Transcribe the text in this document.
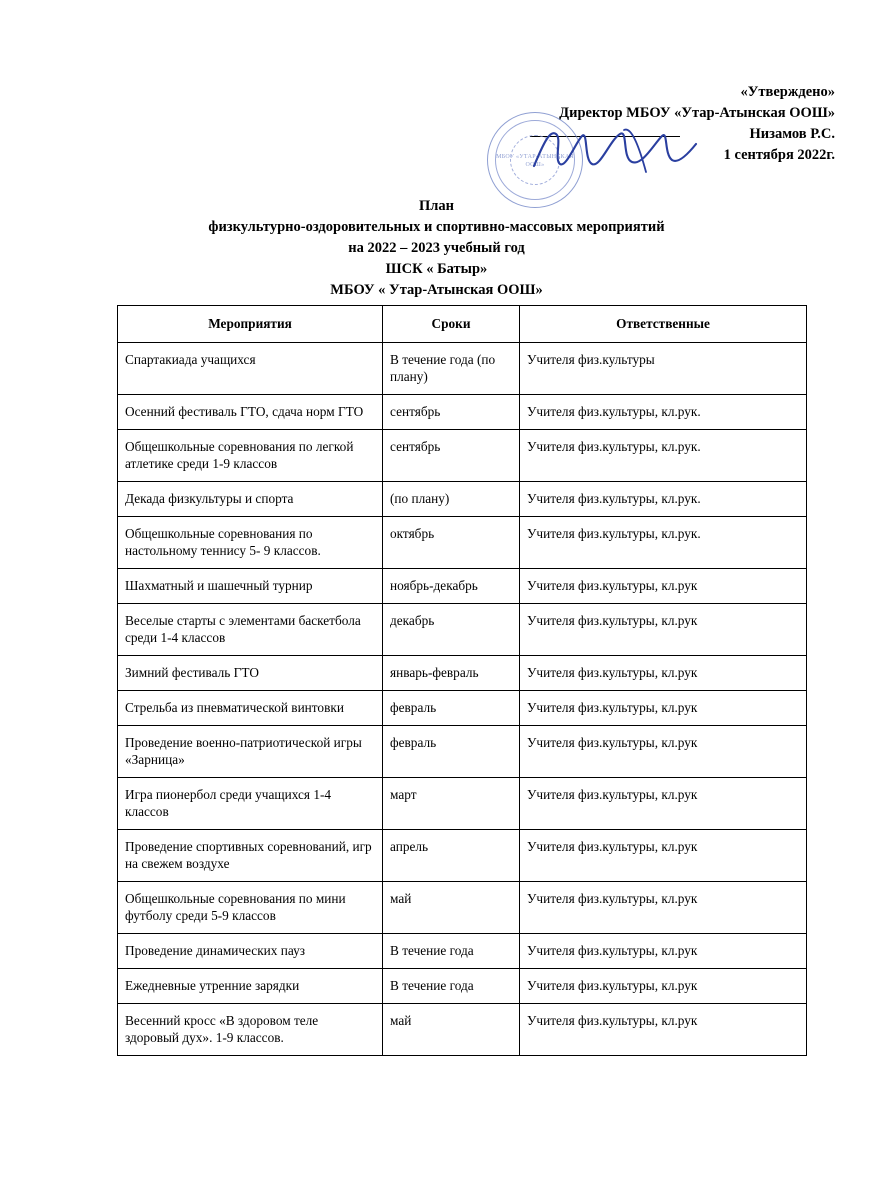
«Утверждено»
Директор МБОУ «Утар-Атынская ООШ»
Низамов Р.С.
1 сентября 2022г.
МБОУ «УТАР-АТЫНСКАЯ ООШ»
План
физкультурно-оздоровительных и спортивно-массовых мероприятий
на 2022 – 2023 учебный год
ШСК « Батыр»
МБОУ « Утар-Атынская ООШ»
Мероприятия	Сроки	Ответственные
Спартакиада учащихся	В течение года (по плану)	Учителя физ.культуры
Осенний фестиваль ГТО, сдача норм ГТО	сентябрь	Учителя физ.культуры, кл.рук.
Общешкольные соревнования по легкой атлетике среди 1-9 классов	сентябрь	Учителя физ.культуры, кл.рук.
Декада физкультуры и спорта	(по плану)	Учителя физ.культуры, кл.рук.
Общешкольные соревнования по настольному теннису 5- 9 классов.	октябрь	Учителя физ.культуры, кл.рук.
Шахматный и шашечный турнир	ноябрь-декабрь	Учителя физ.культуры, кл.рук
Веселые старты с элементами баскетбола среди 1-4 классов	декабрь	Учителя физ.культуры, кл.рук
Зимний фестиваль ГТО	январь-февраль	Учителя физ.культуры, кл.рук
Стрельба из пневматической винтовки	февраль	Учителя физ.культуры, кл.рук
Проведение военно-патриотической игры «Зарница»	февраль	Учителя физ.культуры, кл.рук
Игра пионербол среди учащихся 1-4 классов	март	Учителя физ.культуры, кл.рук
Проведение спортивных соревнований, игр на свежем воздухе	апрель	Учителя физ.культуры, кл.рук
Общешкольные соревнования по мини футболу среди 5-9 классов	май	Учителя физ.культуры, кл.рук
Проведение динамических пауз	В течение года	Учителя физ.культуры, кл.рук
Ежедневные утренние зарядки	В течение года	Учителя физ.культуры, кл.рук
Весенний кросс «В здоровом теле здоровый дух». 1-9 классов.	май	Учителя физ.культуры, кл.рук
